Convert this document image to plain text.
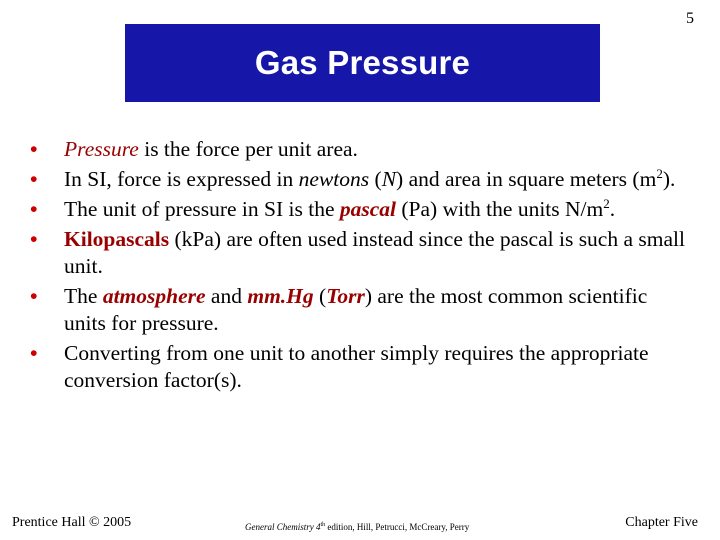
5
Gas Pressure
•	Pressure is the force per unit area.
•	In SI, force is expressed in newtons (N) and area in square meters $(m^2)$.
•	The unit of pressure in SI is the pascal (Pa) with the units $N/m^2$.
•	Kilopascals (kPa) are often used instead since the pascal is such a small unit.
•	The atmosphere and mm.Hg (Torr) are the most common scientific units for pressure.
•	Converting from one unit to another simply requires the appropriate conversion factor(s).
Prentice Hall © 2005	General Chemistry 4th edition, Hill, Petrucci, McCreary, Perry	Chapter Five
